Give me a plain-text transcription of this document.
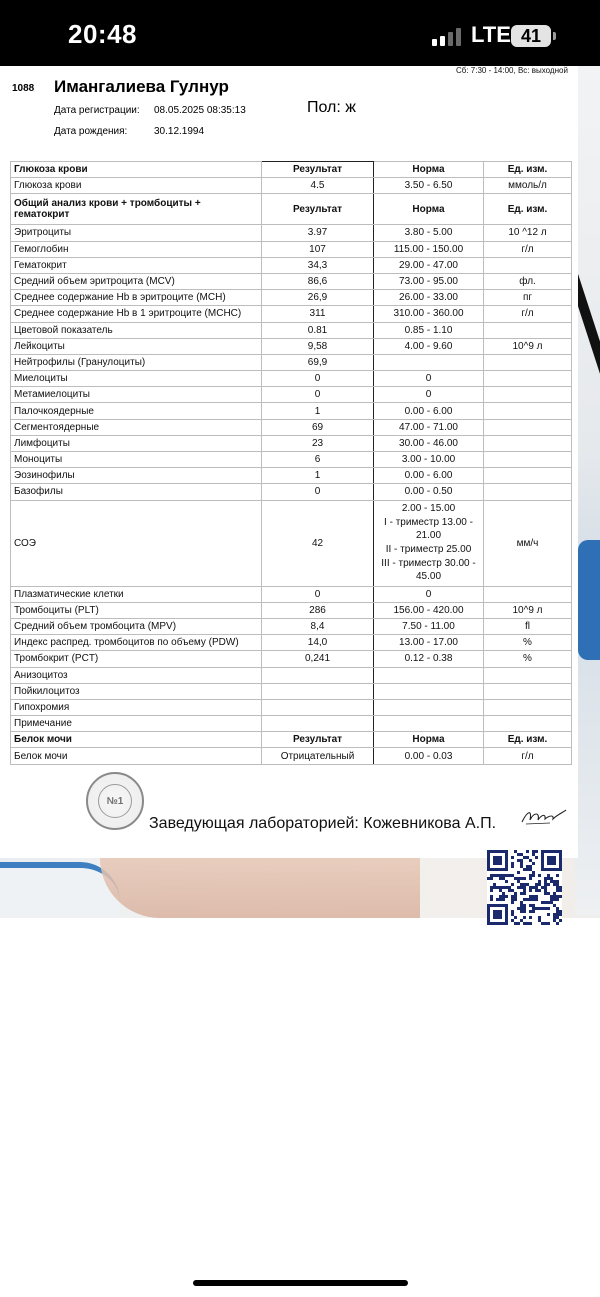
20:48	LTE 41
Сб: 7:30 - 14:00, Вс: выходной
1088 Имангалиева Гулнур
Дата регистрации: 08.05.2025 08:35:13
Дата рождения:	30.12.1994
Пол: ж
Глюкоза крови	Результат	Норма	Ед. изм.
Глюкоза крови	4.5	3.50 - 6.50	ммоль/л
Общий анализ крови + тромбоциты + гематокрит	Результат	Норма	Ед. изм.
Эритроциты	3.97	3.80 - 5.00	10 ^12 л
Гемоглобин	107	115.00 - 150.00	г/л
Гематокрит	34,3	29.00 - 47.00	
Средний объем эритроцита (MCV)	86,6	73.00 - 95.00	фл.
Среднее содержание Hb в эритроците (MCH)	26,9	26.00 - 33.00	пг
Среднее содержание Hb в 1 эритроците (MCHC)	311	310.00 - 360.00	г/л
Цветовой показатель	0.81	0.85 - 1.10	
Лейкоциты	9,58	4.00 - 9.60	10^9 л
Нейтрофилы (Гранулоциты)	69,9		
Миелоциты	0	0	
Метамиелоциты	0	0	
Палочкоядерные	1	0.00 - 6.00	
Сегментоядерные	69	47.00 - 71.00	
Лимфоциты	23	30.00 - 46.00	
Моноциты	6	3.00 - 10.00	
Эозинофилы	1	0.00 - 6.00	
Базофилы	0	0.00 - 0.50	
СОЭ	42	2.00 - 15.00
I - триместр 13.00 - 21.00
II - триместр 25.00
III - триместр 30.00 - 45.00	мм/ч
Плазматические клетки	0	0	
Тромбоциты (PLT)	286	156.00 - 420.00	10^9 л
Средний объем тромбоцита (MPV)	8,4	7.50 - 11.00	fl
Индекс распред. тромбоцитов по объему (PDW)	14,0	13.00 - 17.00	%
Тромбокрит (PCT)	0,241	0.12 - 0.38	%
Анизоцитоз			
Пойкилоцитоз			
Гипохромия			
Примечание			
Белок мочи	Результат	Норма	Ед. изм.
Белок мочи	Отрицательный	0.00 - 0.03	г/л
№1
Заведующая лабораторией: Кожевникова А.П.
